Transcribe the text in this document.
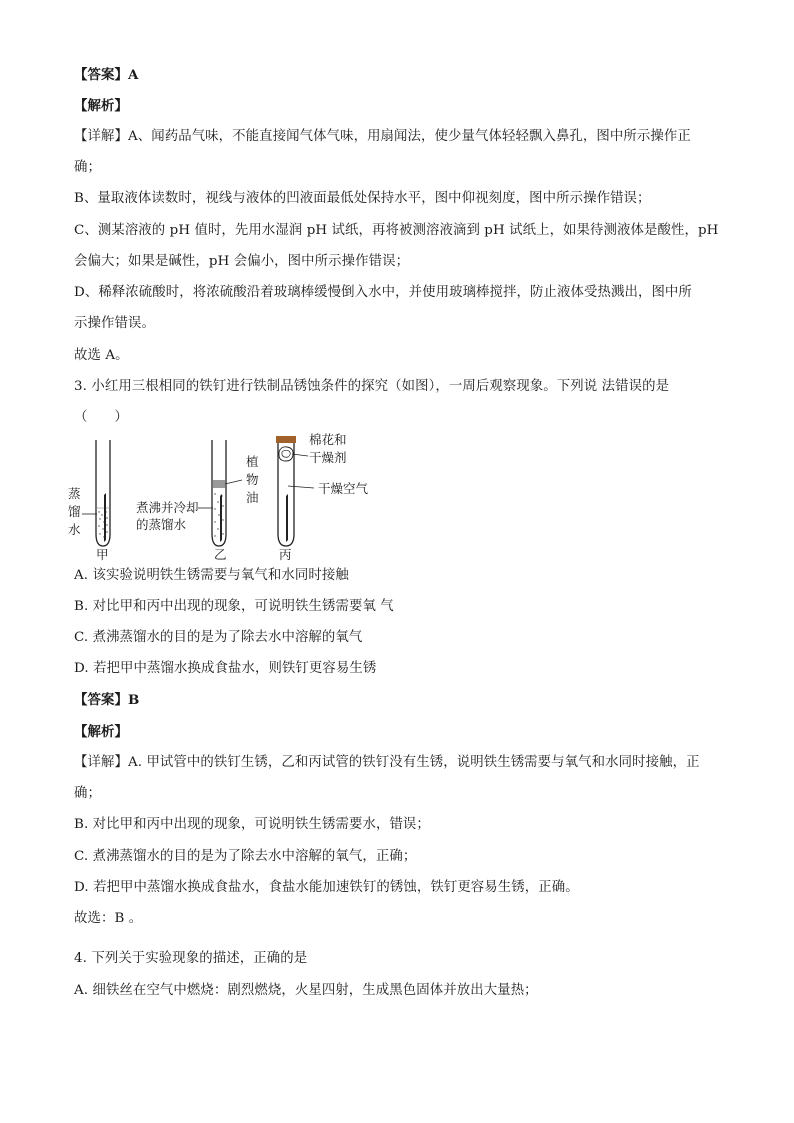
【答案】A
【解析】
【详解】A、闻药品气味，不能直接闻气体气味，用扇闻法，使少量气体轻轻飘入鼻孔，图中所示操作正
确；
B、量取液体读数时，视线与液体的凹液面最低处保持水平，图中仰视刻度，图中所示操作错误；
C、测某溶液的 pH 值时，先用水湿润 pH 试纸，再将被测溶液滴到 pH 试纸上，如果待测液体是酸性，pH
会偏大；如果是碱性，pH 会偏小，图中所示操作错误；
D、稀释浓硫酸时，将浓硫酸沿着玻璃棒缓慢倒入水中，并使用玻璃棒搅拌，防止液体受热溅出，图中所
示操作错误。
故选 A。
3. 小红用三根相同的铁钉进行铁制品锈蚀条件的探究（如图），一周后观察现象。下列说 法错误的是
（　　）
蒸
馏
水
甲
煮沸并冷却
的蒸馏水
植
物
油
乙
棉花和
干燥剂
干燥空气
丙
A. 该实验说明铁生锈需要与氧气和水同时接触
B. 对比甲和丙中出现的现象，可说明铁生锈需要氧 气
C. 煮沸蒸馏水的目的是为了除去水中溶解的氧气
D. 若把甲中蒸馏水换成食盐水，则铁钉更容易生锈
【答案】B
【解析】
【详解】A. 甲试管中的铁钉生锈，乙和丙试管的铁钉没有生锈，说明铁生锈需要与氧气和水同时接触，正
确；
B. 对比甲和丙中出现的现象，可说明铁生锈需要水，错误；
C. 煮沸蒸馏水的目的是为了除去水中溶解的氧气，正确；
D. 若把甲中蒸馏水换成食盐水，食盐水能加速铁钉的锈蚀，铁钉更容易生锈，正确。
故选：B 。
4. 下列关于实验现象的描述，正确的是
A. 细铁丝在空气中燃烧：剧烈燃烧，火星四射，生成黑色固体并放出大量热；
